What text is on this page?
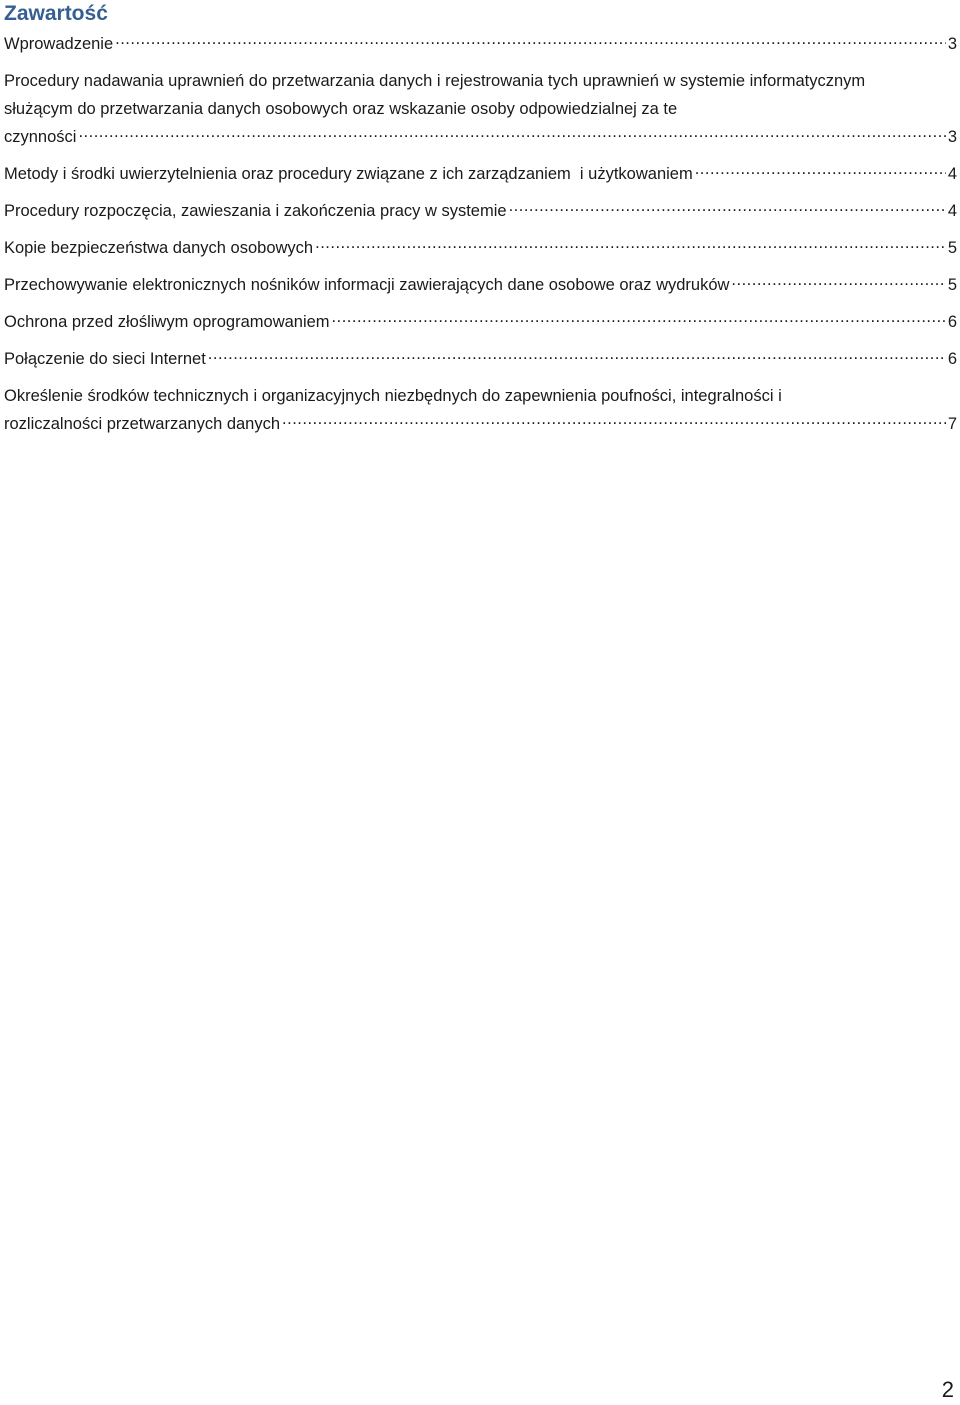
Zawartość
Wprowadzenie .....	3
Procedury nadawania uprawnień do przetwarzania danych i rejestrowania tych uprawnień w systemie informatycznym służącym do przetwarzania danych osobowych oraz wskazanie osoby odpowiedzialnej za te
czynności .....	3
Metody i środki uwierzytelnienia oraz procedury związane z ich zarządzaniem  i użytkowaniem .....	4
Procedury rozpoczęcia, zawieszania i zakończenia pracy w systemie .....	4
Kopie bezpieczeństwa danych osobowych .....	5
Przechowywanie elektronicznych nośników informacji zawierających dane osobowe oraz wydruków .....	5
Ochrona przed złośliwym oprogramowaniem .....	6
Połączenie do sieci Internet .....	6
Określenie środków technicznych i organizacyjnych niezbędnych do zapewnienia poufności, integralności i
rozliczalności przetwarzanych danych .....	7
2
